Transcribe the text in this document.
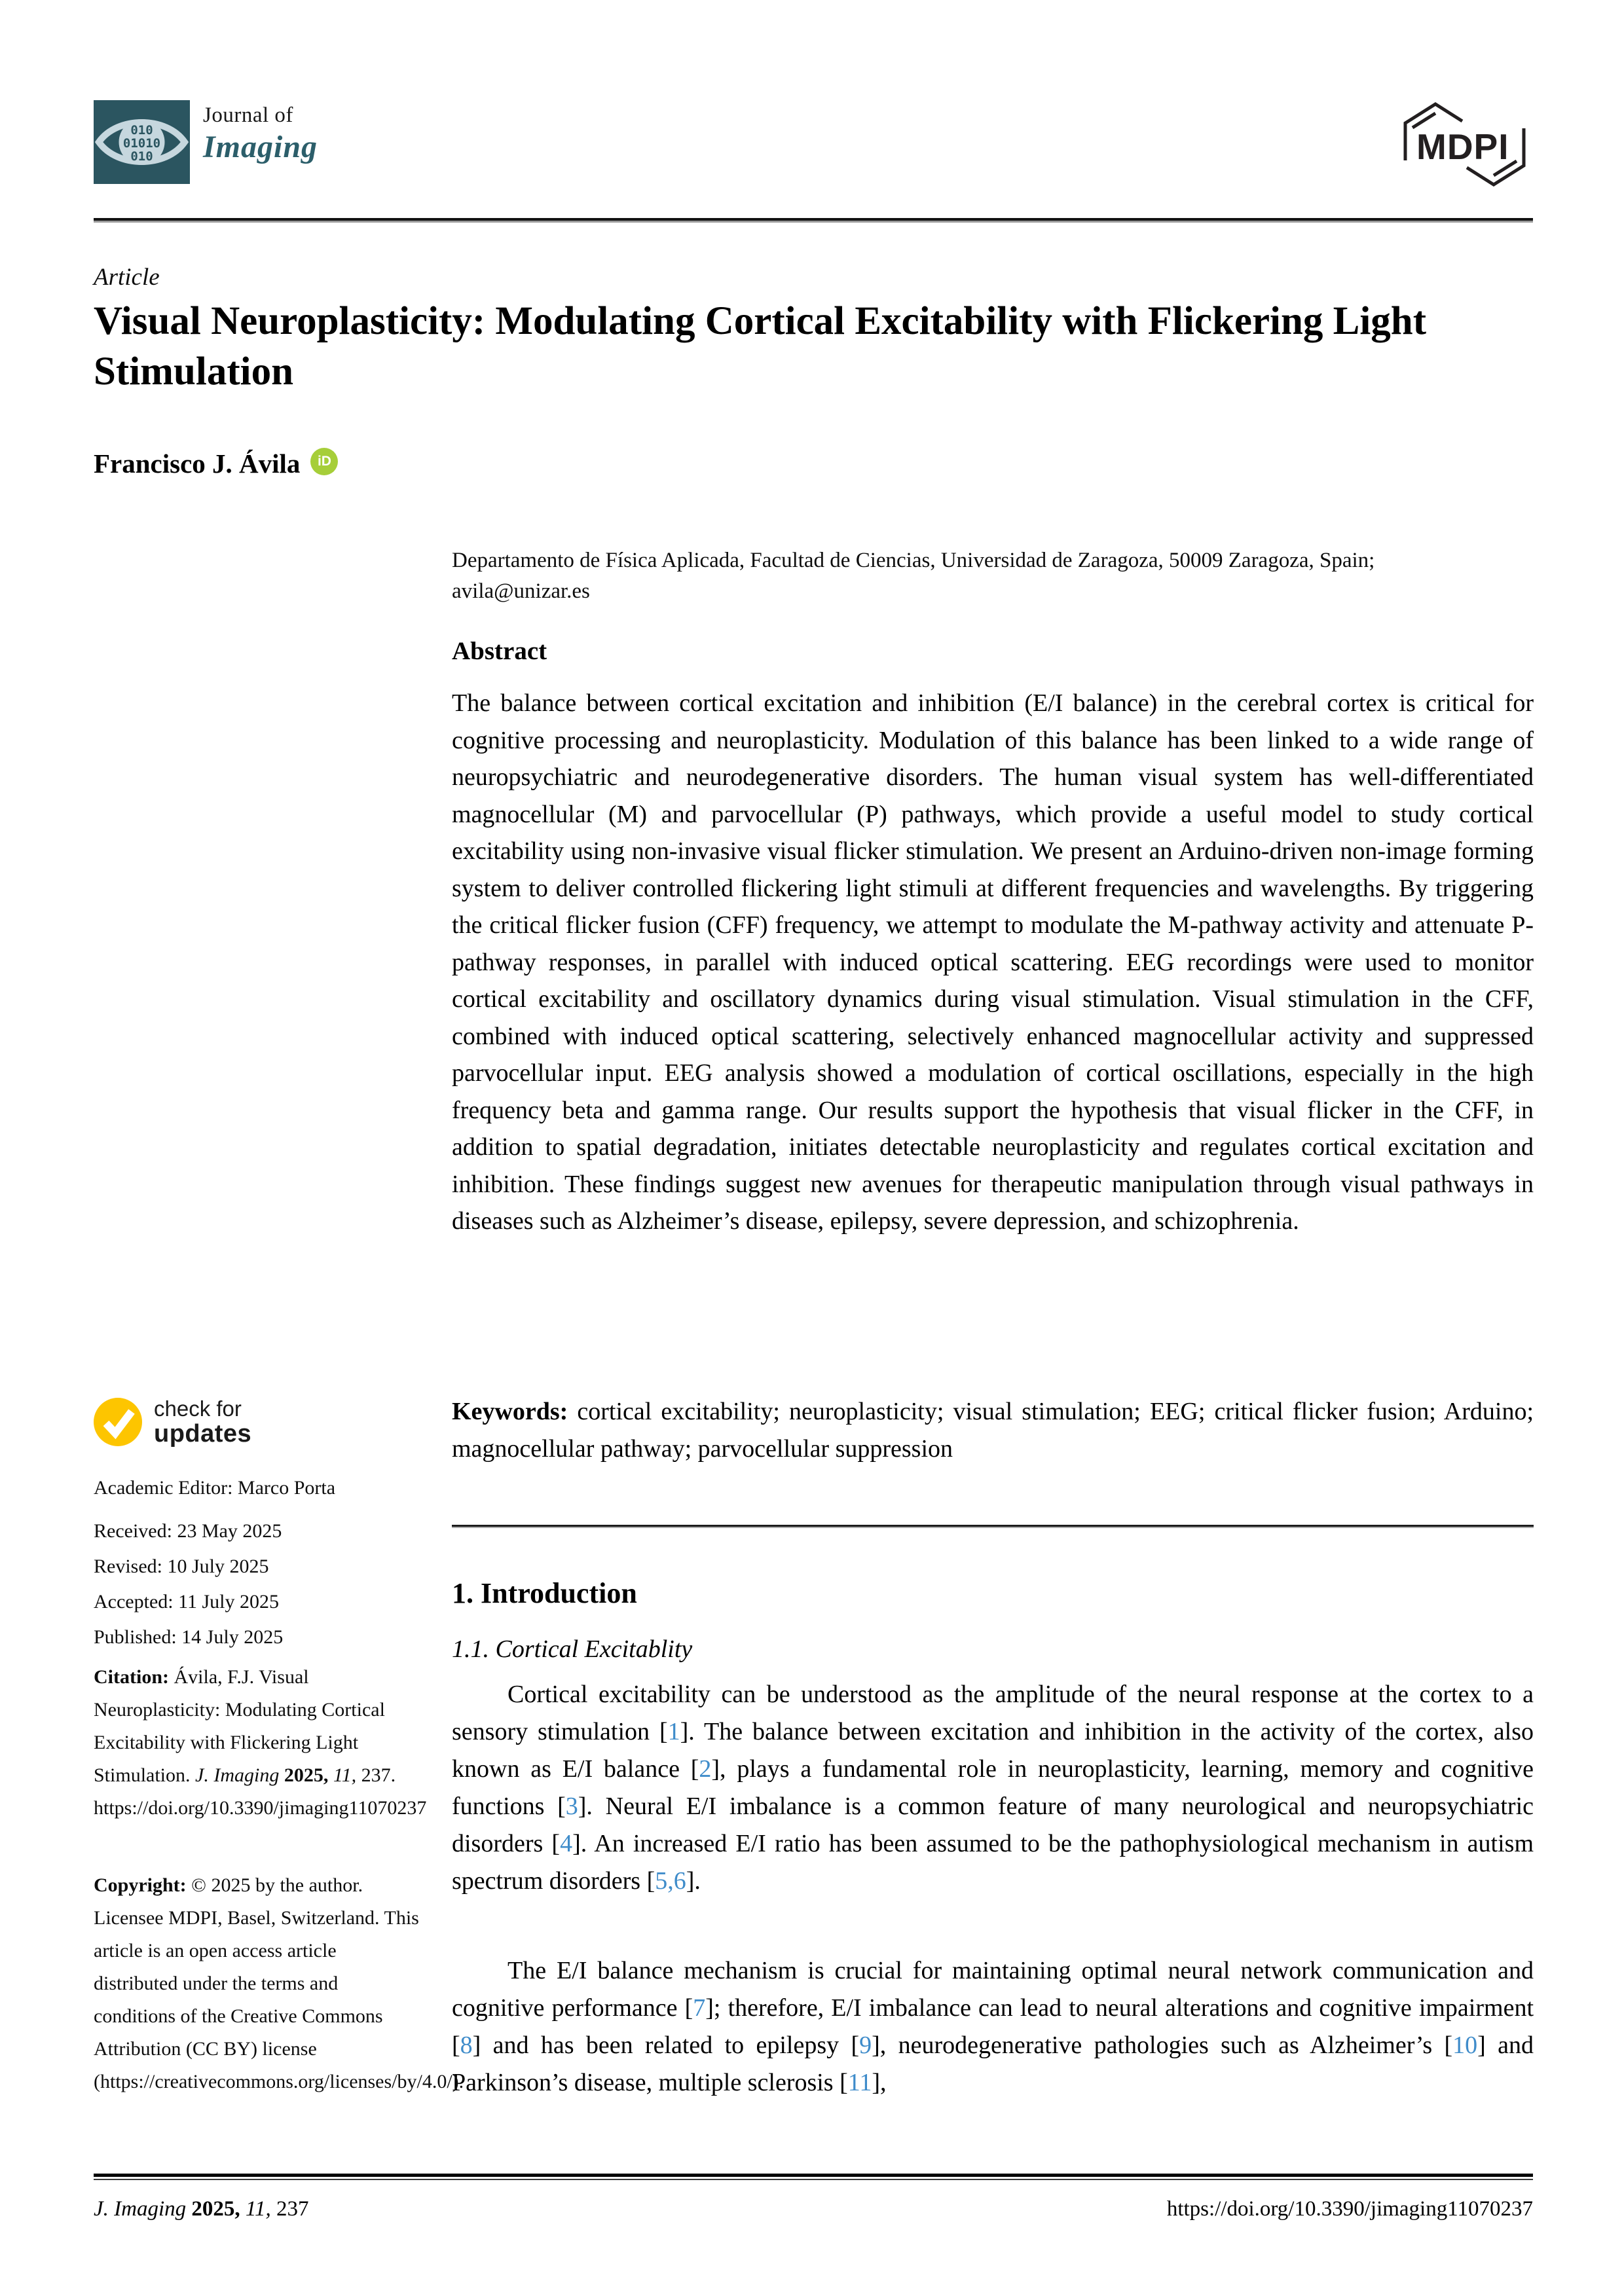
010
01010
010
Journal of
Imaging	MDPI
Article
Visual Neuroplasticity: Modulating Cortical Excitability with Flickering Light Stimulation
Francisco J. Ávila	iD
Departamento de Física Aplicada, Facultad de Ciencias, Universidad de Zaragoza, 50009 Zaragoza, Spain;
avila@unizar.es
Abstract

The balance between cortical excitation and inhibition (E/I balance) in the cerebral cortex is critical for cognitive processing and neuroplasticity. Modulation of this balance has been linked to a wide range of neuropsychiatric and neurodegenerative disorders. The human visual system has well-differentiated magnocellular (M) and parvocellular (P) pathways, which provide a useful model to study cortical excitability using non-invasive visual flicker stimulation. We present an Arduino-driven non-image forming system to deliver controlled flickering light stimuli at different frequencies and wavelengths. By triggering the critical flicker fusion (CFF) frequency, we attempt to modulate the M-pathway activity and attenuate P-pathway responses, in parallel with induced optical scattering. EEG recordings were used to monitor cortical excitability and oscillatory dynamics during visual stimulation. Visual stimulation in the CFF, combined with induced optical scattering, selectively enhanced magnocellular activity and suppressed parvocellular input. EEG analysis showed a modulation of cortical oscillations, especially in the high frequency beta and gamma range. Our results support the hypothesis that visual flicker in the CFF, in addition to spatial degradation, initiates detectable neuroplasticity and regulates cortical excitation and inhibition. These findings suggest new avenues for therapeutic manipulation through visual pathways in diseases such as Alzheimer’s disease, epilepsy, severe depression, and schizophrenia.

Keywords: cortical excitability; neuroplasticity; visual stimulation; EEG; critical flicker fusion; Arduino; magnocellular pathway; parvocellular suppression

1. Introduction
1.1. Cortical Excitablity

Cortical excitability can be understood as the amplitude of the neural response at the cortex to a sensory stimulation [1]. The balance between excitation and inhibition in the activity of the cortex, also known as E/I balance [2], plays a fundamental role in neuroplasticity, learning, memory and cognitive functions [3]. Neural E/I imbalance is a common feature of many neurological and neuropsychiatric disorders [4]. An increased E/I ratio has been assumed to be the pathophysiological mechanism in autism spectrum disorders [5,6].

The E/I balance mechanism is crucial for maintaining optimal neural network communication and cognitive performance [7]; therefore, E/I imbalance can lead to neural alterations and cognitive impairment [8] and has been related to epilepsy [9], neurodegenerative pathologies such as Alzheimer’s [10] and Parkinson’s disease, multiple sclerosis [11],

check for
updates
Academic Editor: Marco Porta
Received: 23 May 2025
Revised: 10 July 2025
Accepted: 11 July 2025
Published: 14 July 2025
Citation: Ávila, F.J. Visual Neuroplasticity: Modulating Cortical Excitability with Flickering Light Stimulation. J. Imaging 2025, 11, 237. https://doi.org/10.3390/jimaging11070237
Copyright: © 2025 by the author. Licensee MDPI, Basel, Switzerland. This article is an open access article distributed under the terms and conditions of the Creative Commons Attribution (CC BY) license (https://creativecommons.org/licenses/by/4.0/).
J. Imaging 2025, 11, 237	https://doi.org/10.3390/jimaging11070237
